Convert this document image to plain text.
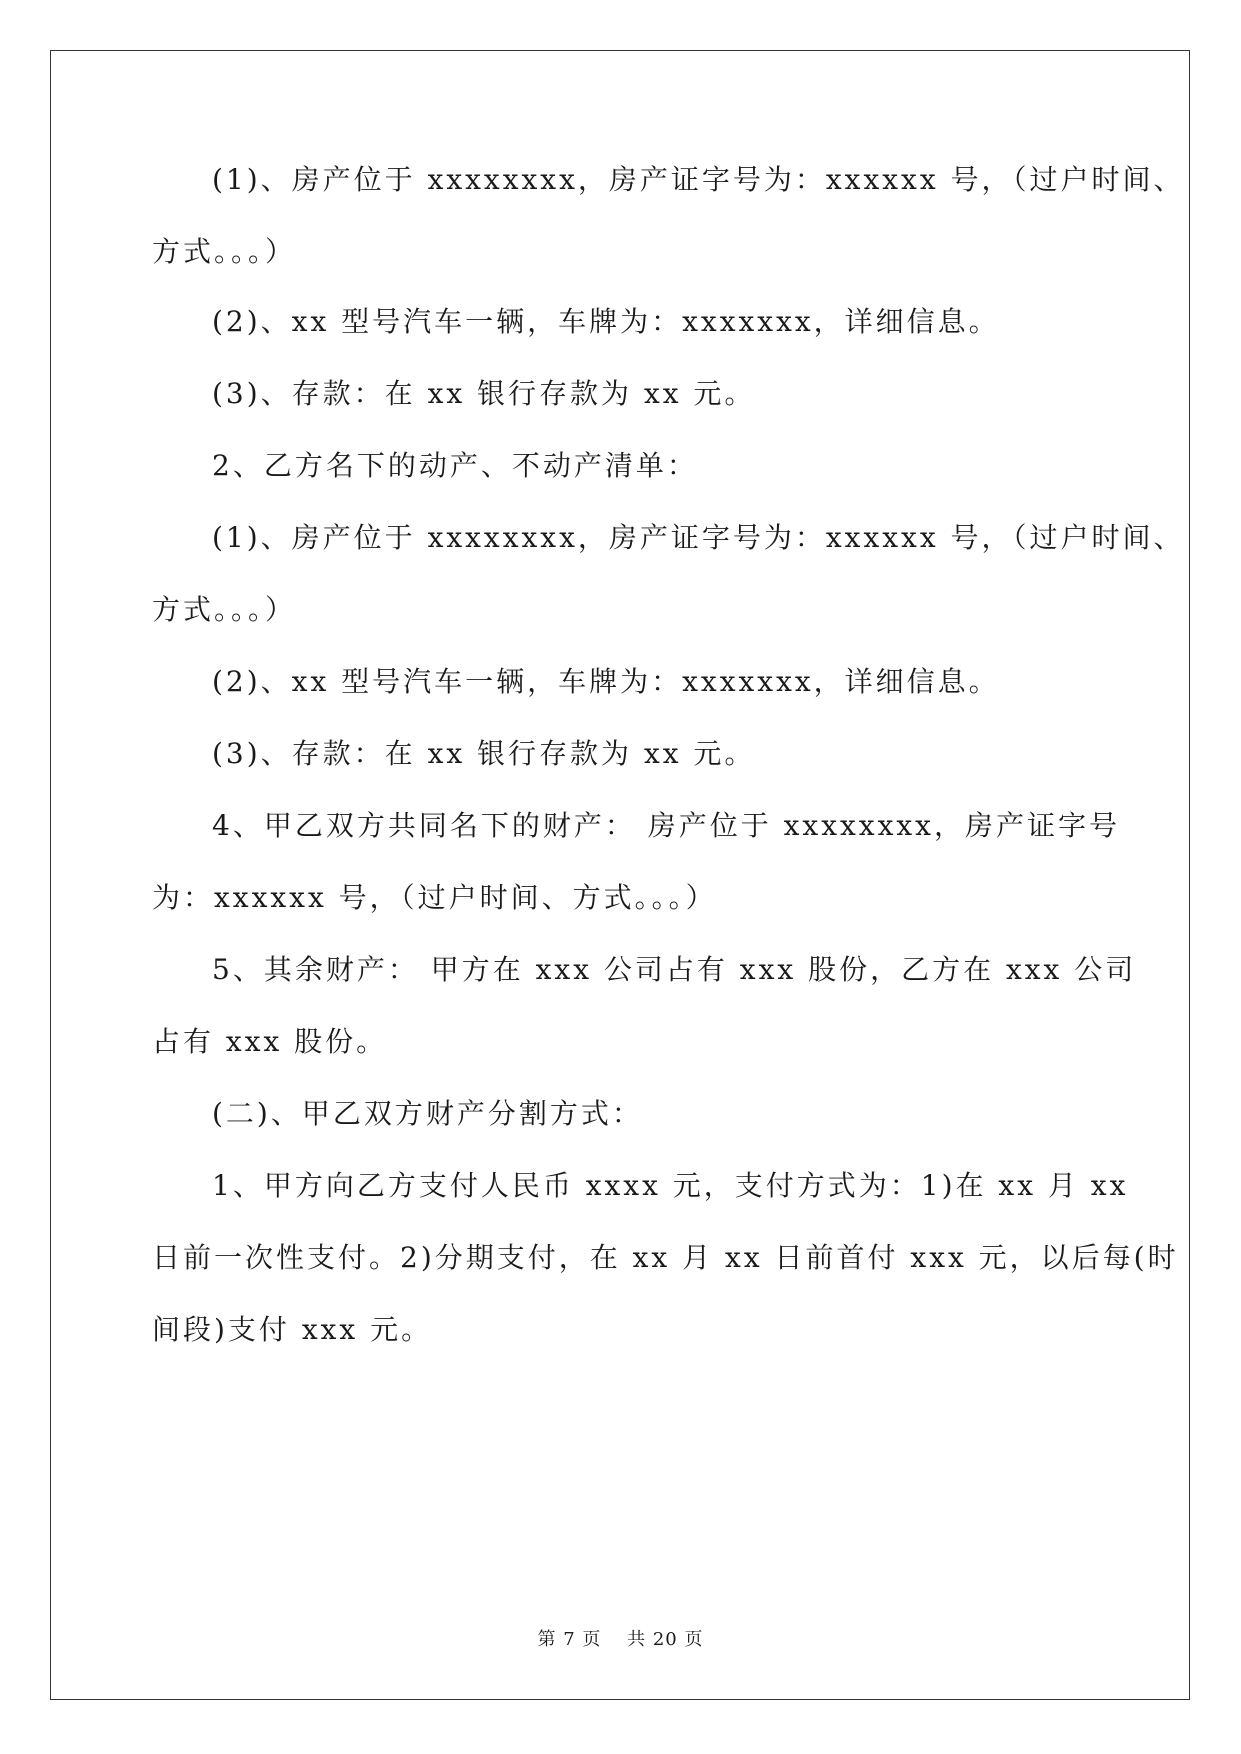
(1)、房产位于 xxxxxxxx，房产证字号为：xxxxxx 号，（过户时间、
方式。。。）
(2)、xx 型号汽车一辆，车牌为：xxxxxxx，详细信息。
(3)、存款：在 xx 银行存款为 xx 元。
2、乙方名下的动产、不动产清单：
(1)、房产位于 xxxxxxxx，房产证字号为：xxxxxx 号，（过户时间、
方式。。。）
(2)、xx 型号汽车一辆，车牌为：xxxxxxx，详细信息。
(3)、存款：在 xx 银行存款为 xx 元。
4、甲乙双方共同名下的财产： 房产位于 xxxxxxxx，房产证字号
为：xxxxxx 号，（过户时间、方式。。。）
5、其余财产： 甲方在 xxx 公司占有 xxx 股份，乙方在 xxx 公司
占有 xxx 股份。
(二)、甲乙双方财产分割方式：
1、甲方向乙方支付人民币 xxxx 元，支付方式为：1)在 xx 月 xx
日前一次性支付。2)分期支付，在 xx 月 xx 日前首付 xxx 元，以后每(时
间段)支付 xxx 元。
第 7 页　 共 20 页
